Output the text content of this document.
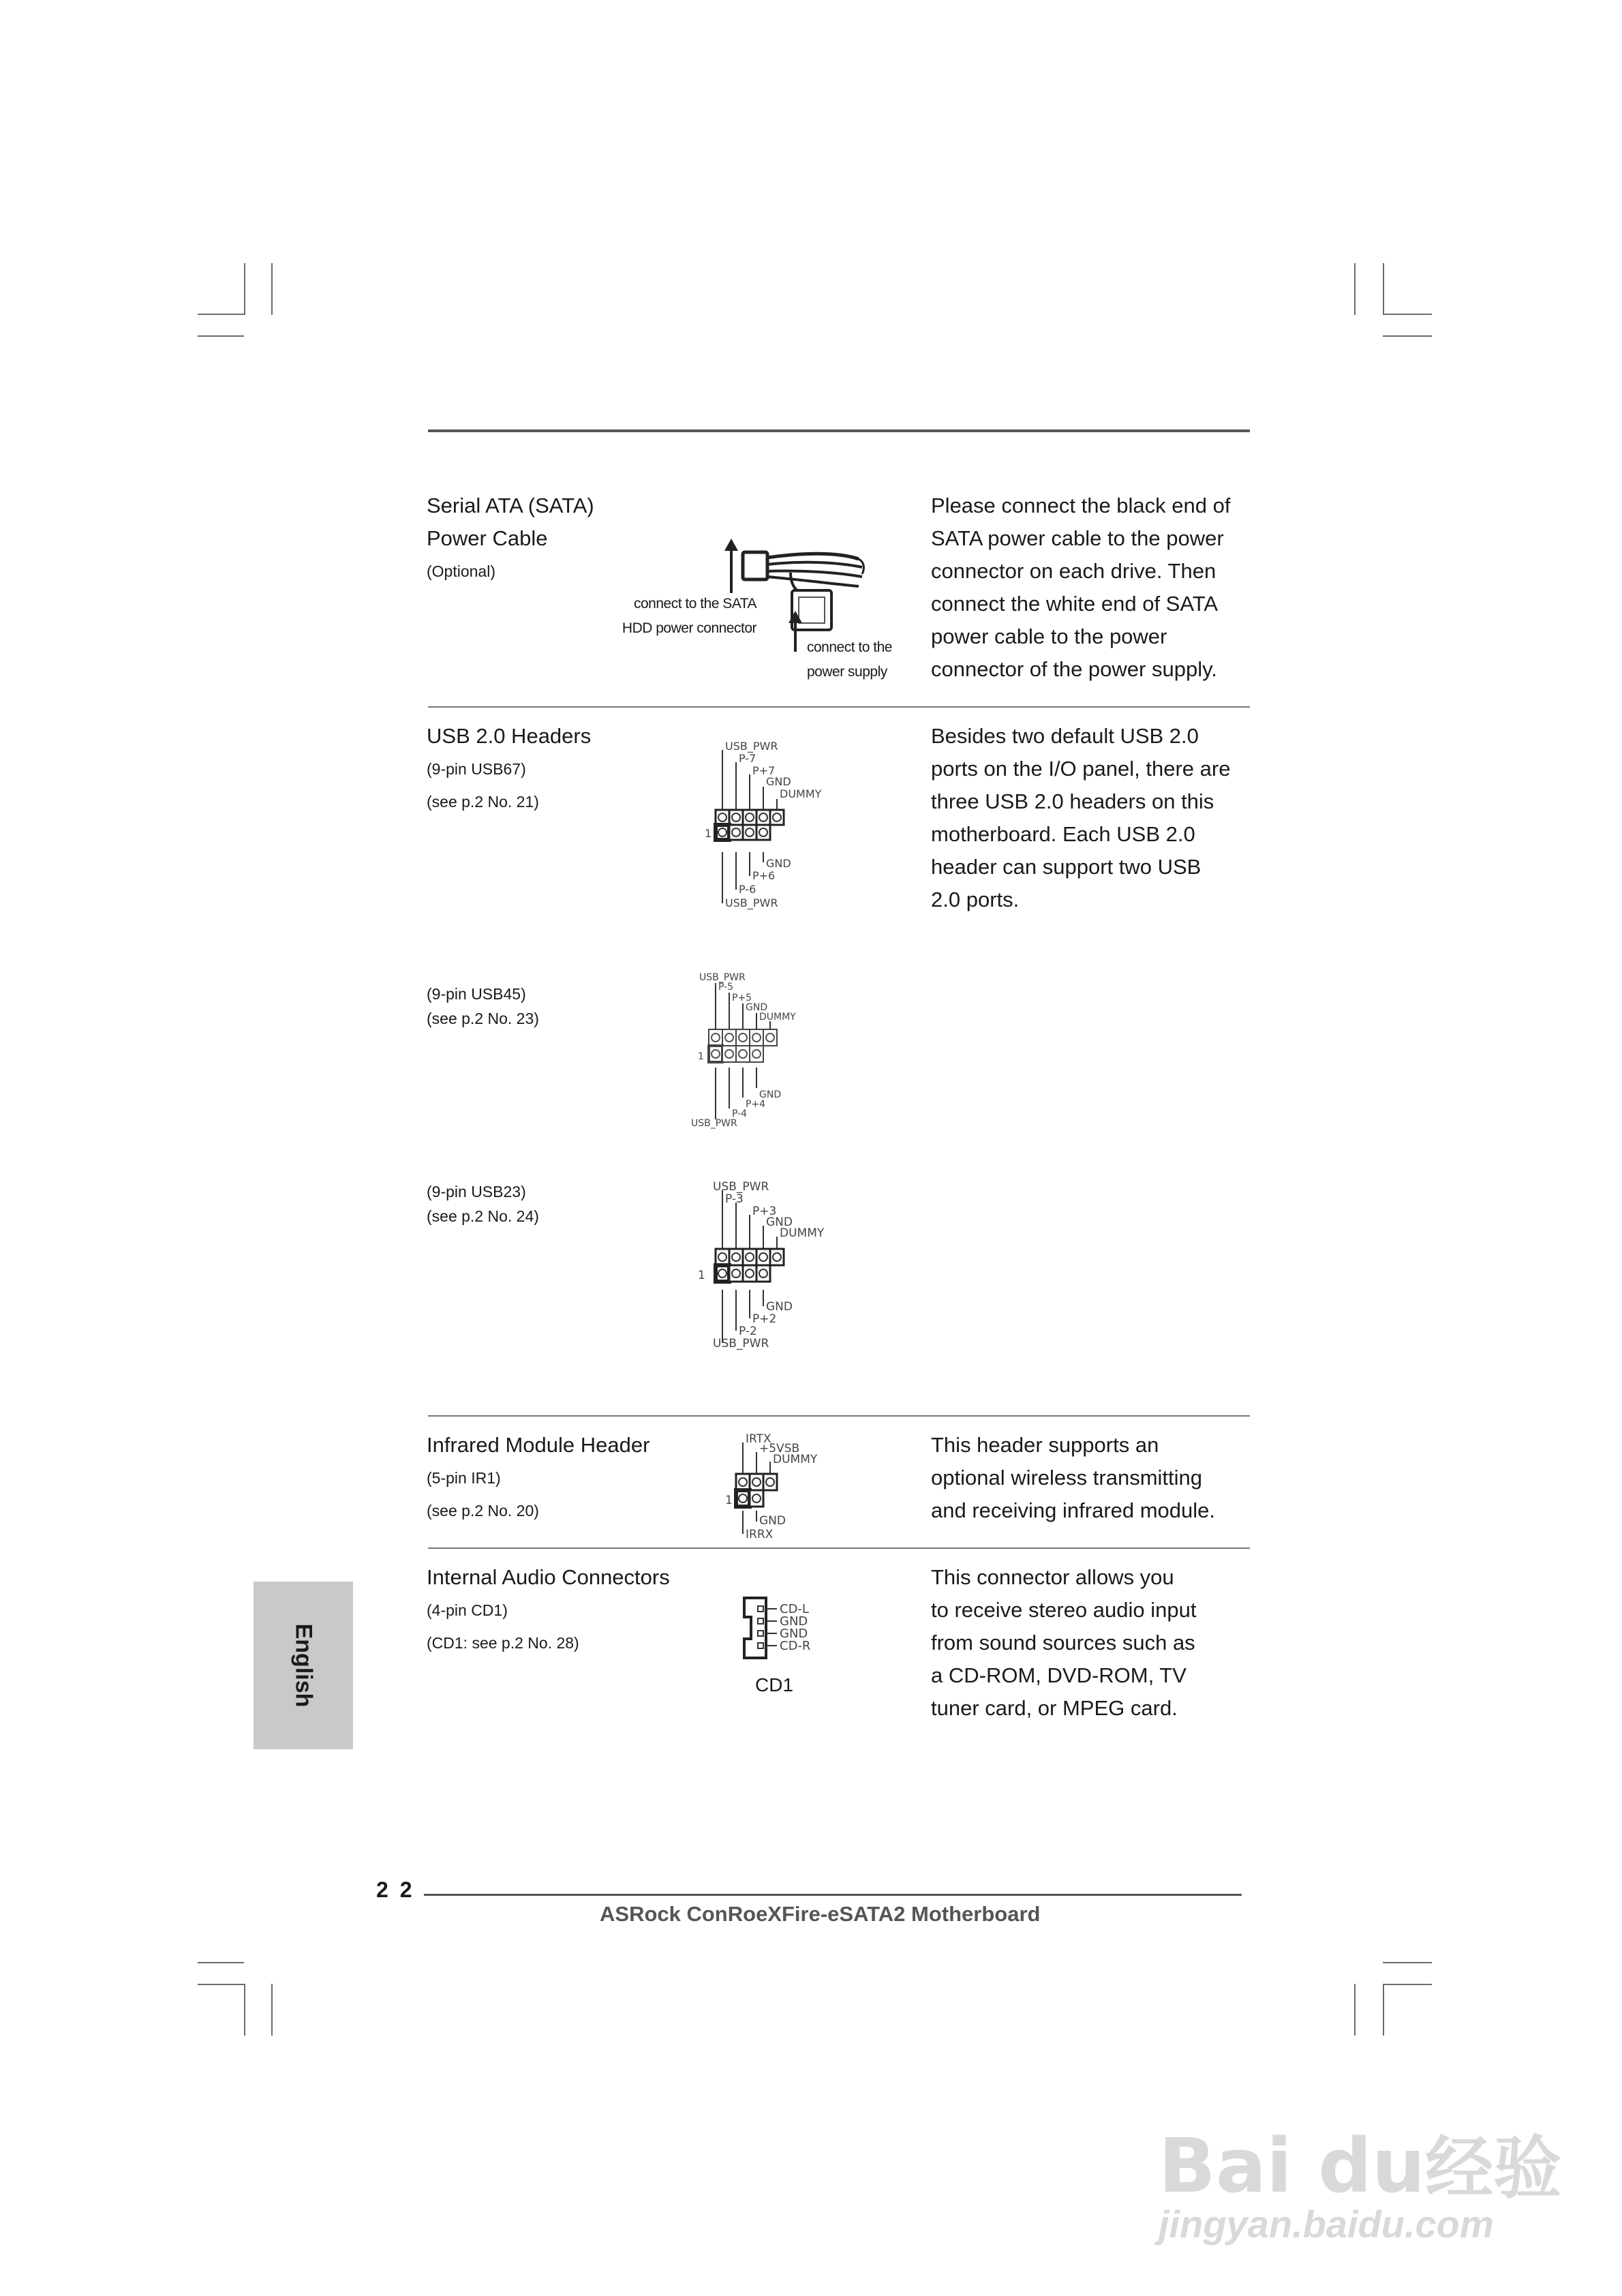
Serial ATA (SATA)
Power Cable
(Optional)
connect to the SATA
HDD power connector
connect to the
power supply
Please connect the black end of
SATA power cable to the power
connector on each drive. Then
connect the white end of SATA
power cable to the power
connector of the power supply.
USB 2.0 Headers
(9-pin USB67)
(see p.2 No. 21)
Besides two default USB 2.0
ports on the I/O panel, there are
three USB 2.0 headers on this
motherboard. Each USB 2.0
header can support two USB
2.0 ports.
USB_PWR
P-7
P+7
GND
DUMMY
GND
P+6
P-6
USB_PWR
1
(9-pin USB45)
(see p.2 No. 23)
USB_PWR
P-5
P+5
GND
DUMMY
GND
P+4
P-4
USB_PWR
1
(9-pin USB23)
(see p.2 No. 24)
USB_PWR
P-3
P+3
GND
DUMMY
GND
P+2
P-2
USB_PWR
1
Infrared Module Header
(5-pin IR1)
(see p.2 No. 20)
IRTX
+5VSB
DUMMY
GND
IRRX
1
This header supports an
optional wireless transmitting
and receiving infrared module.
Internal Audio Connectors
(4-pin CD1)
(CD1: see p.2 No. 28)
CD-L
GND
GND
CD-R
CD1
This connector allows you
to receive stereo audio input
from sound sources such as
a CD-ROM, DVD-ROM, TV
tuner card, or MPEG card.
English
2 2
ASRock ConRoeXFire-eSATA2 Motherboard
Bai du经验
jingyan.baidu.com
